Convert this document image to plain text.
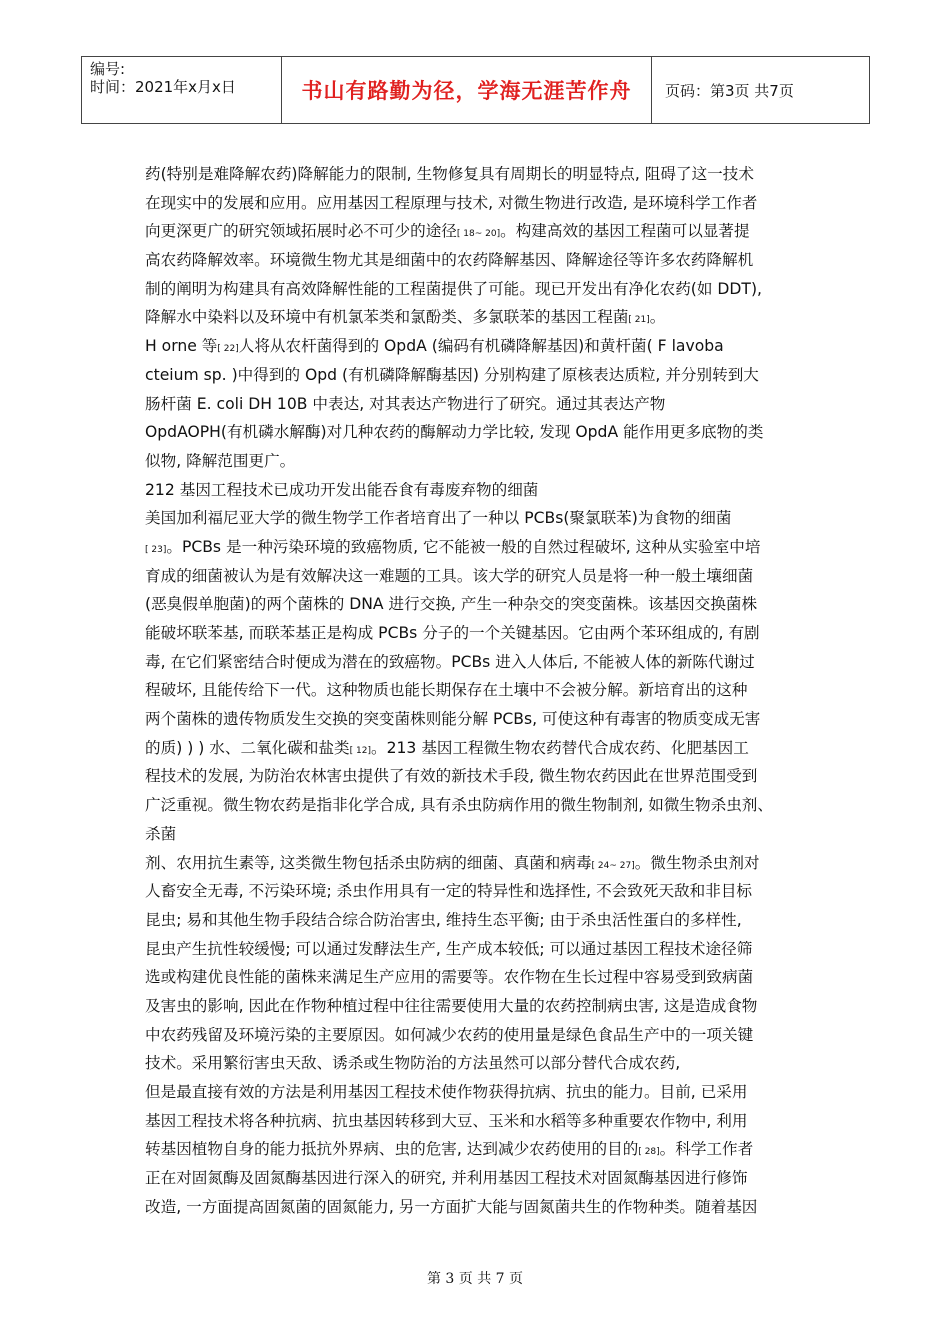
编号:
时间：2021年x月x日	书山有路勤为径，学海无涯苦作舟 页码：第3页 共7页
药(特别是难降解农药)降解能力的限制, 生物修复具有周期长的明显特点, 阻碍了这一技术
在现实中的发展和应用。应用基因工程原理与技术, 对微生物进行改造, 是环境科学工作者
向更深更广的研究领域拓展时必不可少的途径[ 18~ 20]。构建高效的基因工程菌可以显著提
高农药降解效率。环境微生物尤其是细菌中的农药降解基因、降解途径等许多农药降解机
制的阐明为构建具有高效降解性能的工程菌提供了可能。现已开发出有净化农药(如 DDT),
降解水中染料以及环境中有机氯苯类和氯酚类、多氯联苯的基因工程菌[ 21]。
H orne 等[ 22]人将从农杆菌得到的 OpdA (编码有机磷降解基因)和黄杆菌( F lavoba
cteium sp. )中得到的 Opd (有机磷降解酶基因) 分别构建了原核表达质粒, 并分别转到大
肠杆菌 E. coli DH 10B 中表达, 对其表达产物进行了研究。通过其表达产物
OpdAOPH(有机磷水解酶)对几种农药的酶解动力学比较, 发现 OpdA 能作用更多底物的类
似物, 降解范围更广。
212 基因工程技术已成功开发出能吞食有毒废弃物的细菌
美国加利福尼亚大学的微生物学工作者培育出了一种以 PCBs(聚氯联苯)为食物的细菌
[ 23]。PCBs 是一种污染环境的致癌物质, 它不能被一般的自然过程破坏, 这种从实验室中培
育成的细菌被认为是有效解决这一难题的工具。该大学的研究人员是将一种一般土壤细菌
(恶臭假单胞菌)的两个菌株的 DNA 进行交换, 产生一种杂交的突变菌株。该基因交换菌株
能破坏联苯基, 而联苯基正是构成 PCBs 分子的一个关键基因。它由两个苯环组成的, 有剧
毒, 在它们紧密结合时便成为潜在的致癌物。PCBs 进入人体后, 不能被人体的新陈代谢过
程破坏, 且能传给下一代。这种物质也能长期保存在土壤中不会被分解。新培育出的这种
两个菌株的遗传物质发生交换的突变菌株则能分解 PCBs, 可使这种有毒害的物质变成无害
的质) ) ) 水、二氧化碳和盐类[ 12]。213 基因工程微生物农药替代合成农药、化肥基因工
程技术的发展, 为防治农林害虫提供了有效的新技术手段, 微生物农药因此在世界范围受到
广泛重视。微生物农药是指非化学合成, 具有杀虫防病作用的微生物制剂, 如微生物杀虫剂、
杀菌
剂、农用抗生素等, 这类微生物包括杀虫防病的细菌、真菌和病毒[ 24~ 27]。微生物杀虫剂对
人畜安全无毒, 不污染环境; 杀虫作用具有一定的特异性和选择性, 不会致死天敌和非目标
昆虫; 易和其他生物手段结合综合防治害虫, 维持生态平衡; 由于杀虫活性蛋白的多样性,
昆虫产生抗性较缓慢; 可以通过发酵法生产, 生产成本较低; 可以通过基因工程技术途径筛
选或构建优良性能的菌株来满足生产应用的需要等。农作物在生长过程中容易受到致病菌
及害虫的影响, 因此在作物种植过程中往往需要使用大量的农药控制病虫害, 这是造成食物
中农药残留及环境污染的主要原因。如何减少农药的使用量是绿色食品生产中的一项关键
技术。采用繁衍害虫天敌、诱杀或生物防治的方法虽然可以部分替代合成农药,
但是最直接有效的方法是利用基因工程技术使作物获得抗病、抗虫的能力。目前, 已采用
基因工程技术将各种抗病、抗虫基因转移到大豆、玉米和水稻等多种重要农作物中, 利用
转基因植物自身的能力抵抗外界病、虫的危害, 达到减少农药使用的目的[ 28]。科学工作者
正在对固氮酶及固氮酶基因进行深入的研究, 并利用基因工程技术对固氮酶基因进行修饰
改造, 一方面提高固氮菌的固氮能力, 另一方面扩大能与固氮菌共生的作物种类。随着基因
第 3 页 共 7 页
